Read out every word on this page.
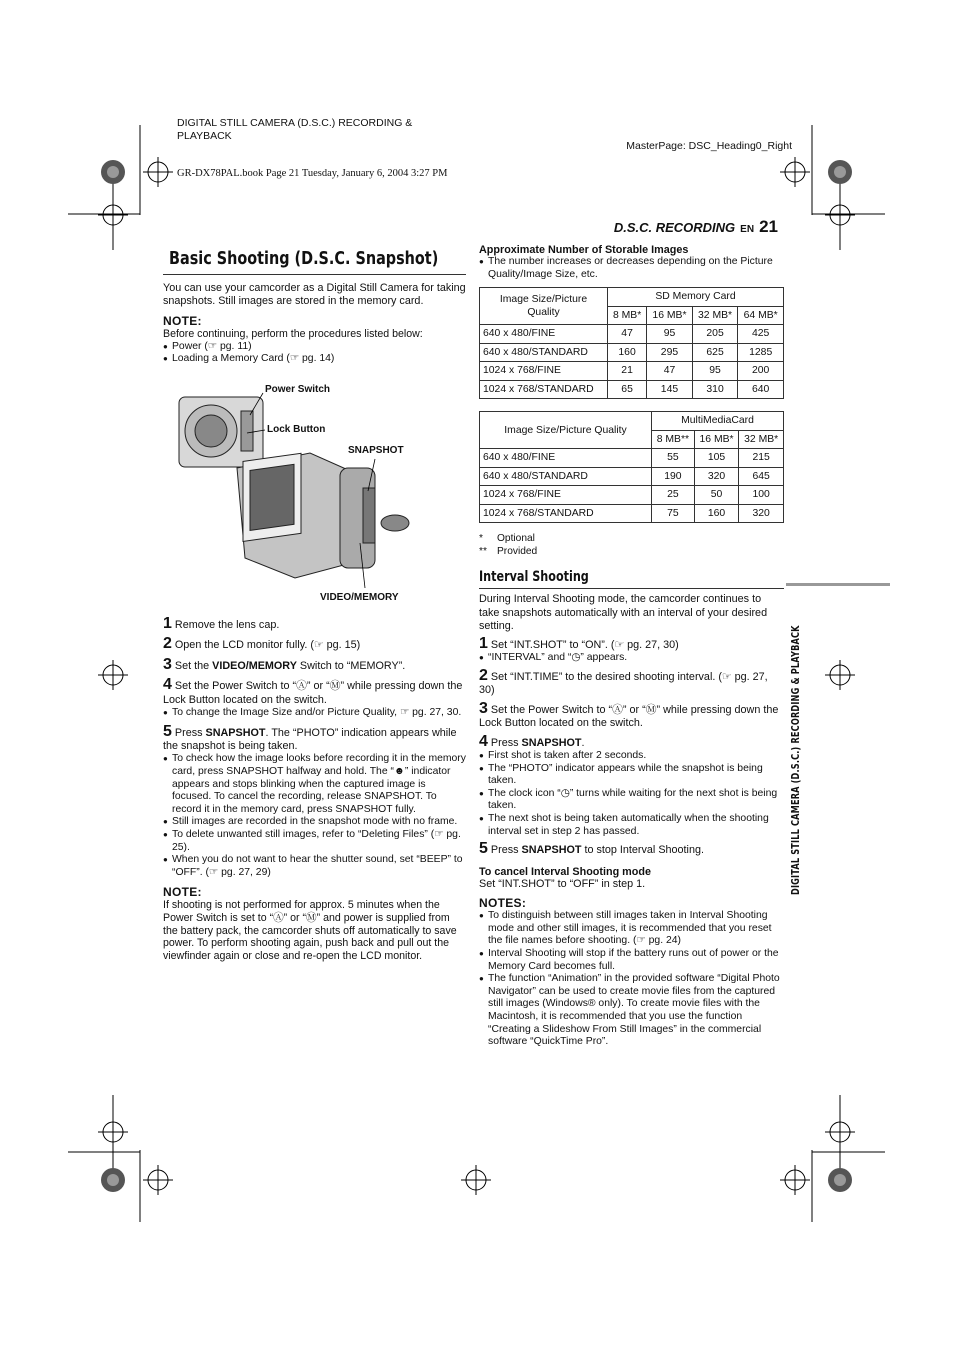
DIGITAL STILL CAMERA (D.S.C.) RECORDING &
PLAYBACK
MasterPage: DSC_Heading0_Right
GR-DX78PAL.book Page 21 Tuesday, January 6, 2004 3:27 PM
D.S.C. RECORDING EN 21
DIGITAL STILL CAMERA (D.S.C.) RECORDING & PLAYBACK
Basic Shooting (D.S.C. Snapshot)

You can use your camcorder as a Digital Still Camera for taking snapshots. Still images are stored in the memory card.

NOTE:

Before continuing, perform the procedures listed below:

● Power (☞ pg. 11)
● Loading a Memory Card (☞ pg. 14)
Power Switch
Lock Button
SNAPSHOT
VIDEO/MEMORY
1 Remove the lens cap.
2 Open the LCD monitor fully. (☞ pg. 15)
3 Set the VIDEO/MEMORY Switch to “MEMORY”.
4 Set the Power Switch to “Ⓐ” or “Ⓜ” while pressing down the Lock Button located on the switch.
● To change the Image Size and/or Picture Quality, ☞ pg. 27, 30.
5 Press SNAPSHOT. The “PHOTO” indication appears while the snapshot is being taken.
● To check how the image looks before recording it in the memory card, press SNAPSHOT halfway and hold. The “☻” indicator appears and stops blinking when the captured image is focused. To cancel the recording, release SNAPSHOT. To record it in the memory card, press SNAPSHOT fully.
● Still images are recorded in the snapshot mode with no frame.
● To delete unwanted still images, refer to “Deleting Files” (☞ pg. 25).
● When you do not want to hear the shutter sound, set “BEEP” to “OFF”. (☞ pg. 27, 29)
NOTE:

If shooting is not performed for approx. 5 minutes when the Power Switch is set to “Ⓐ” or “Ⓜ” and power is supplied from the battery pack, the camcorder shuts off automatically to save power. To perform shooting again, push back and pull out the viewfinder again or close and re-open the LCD monitor.

Approximate Number of Storable Images
● The number increases or decreases depending on the Picture Quality/Image Size, etc.
Image Size/Picture Quality	SD Memory Card			
	8 MB*	16 MB*	32 MB*	64 MB*
640 x 480/FINE	47	95	205	425
640 x 480/STANDARD	160	295	625	1285
1024 x 768/FINE	21	47	95	200
1024 x 768/STANDARD	65	145	310	640
Image Size/Picture Quality	MultiMediaCard		
	8 MB**	16 MB*	32 MB*
640 x 480/FINE	55	105	215
640 x 480/STANDARD	190	320	645
1024 x 768/FINE	25	50	100
1024 x 768/STANDARD	75	160	320
* Optional
** Provided
Interval Shooting

During Interval Shooting mode, the camcorder continues to take snapshots automatically with an interval of your desired setting.

1 Set “INT.SHOT” to “ON”. (☞ pg. 27, 30)
● “INTERVAL” and “◷” appears.
2 Set “INT.TIME” to the desired shooting interval. (☞ pg. 27, 30)
3 Set the Power Switch to “Ⓐ” or “Ⓜ” while pressing down the Lock Button located on the switch.
4 Press SNAPSHOT.
● First shot is taken after 2 seconds.
● The “PHOTO” indicator appears while the snapshot is being taken.
● The clock icon “◷” turns while waiting for the next shot is being taken.
● The next shot is being taken automatically when the shooting interval set in step 2 has passed.
5 Press SNAPSHOT to stop Interval Shooting.
To cancel Interval Shooting mode

Set “INT.SHOT” to “OFF” in step 1.

NOTES:
● To distinguish between still images taken in Interval Shooting mode and other still images, it is recommended that you reset the file names before shooting. (☞ pg. 24)
● Interval Shooting will stop if the battery runs out of power or the Memory Card becomes full.
● The function “Animation” in the provided software “Digital Photo Navigator” can be used to create movie files from the captured still images (Windows® only). To create movie files with the Macintosh, it is recommended that you use the function “Creating a Slideshow From Still Images” in the commercial software “QuickTime Pro”.
